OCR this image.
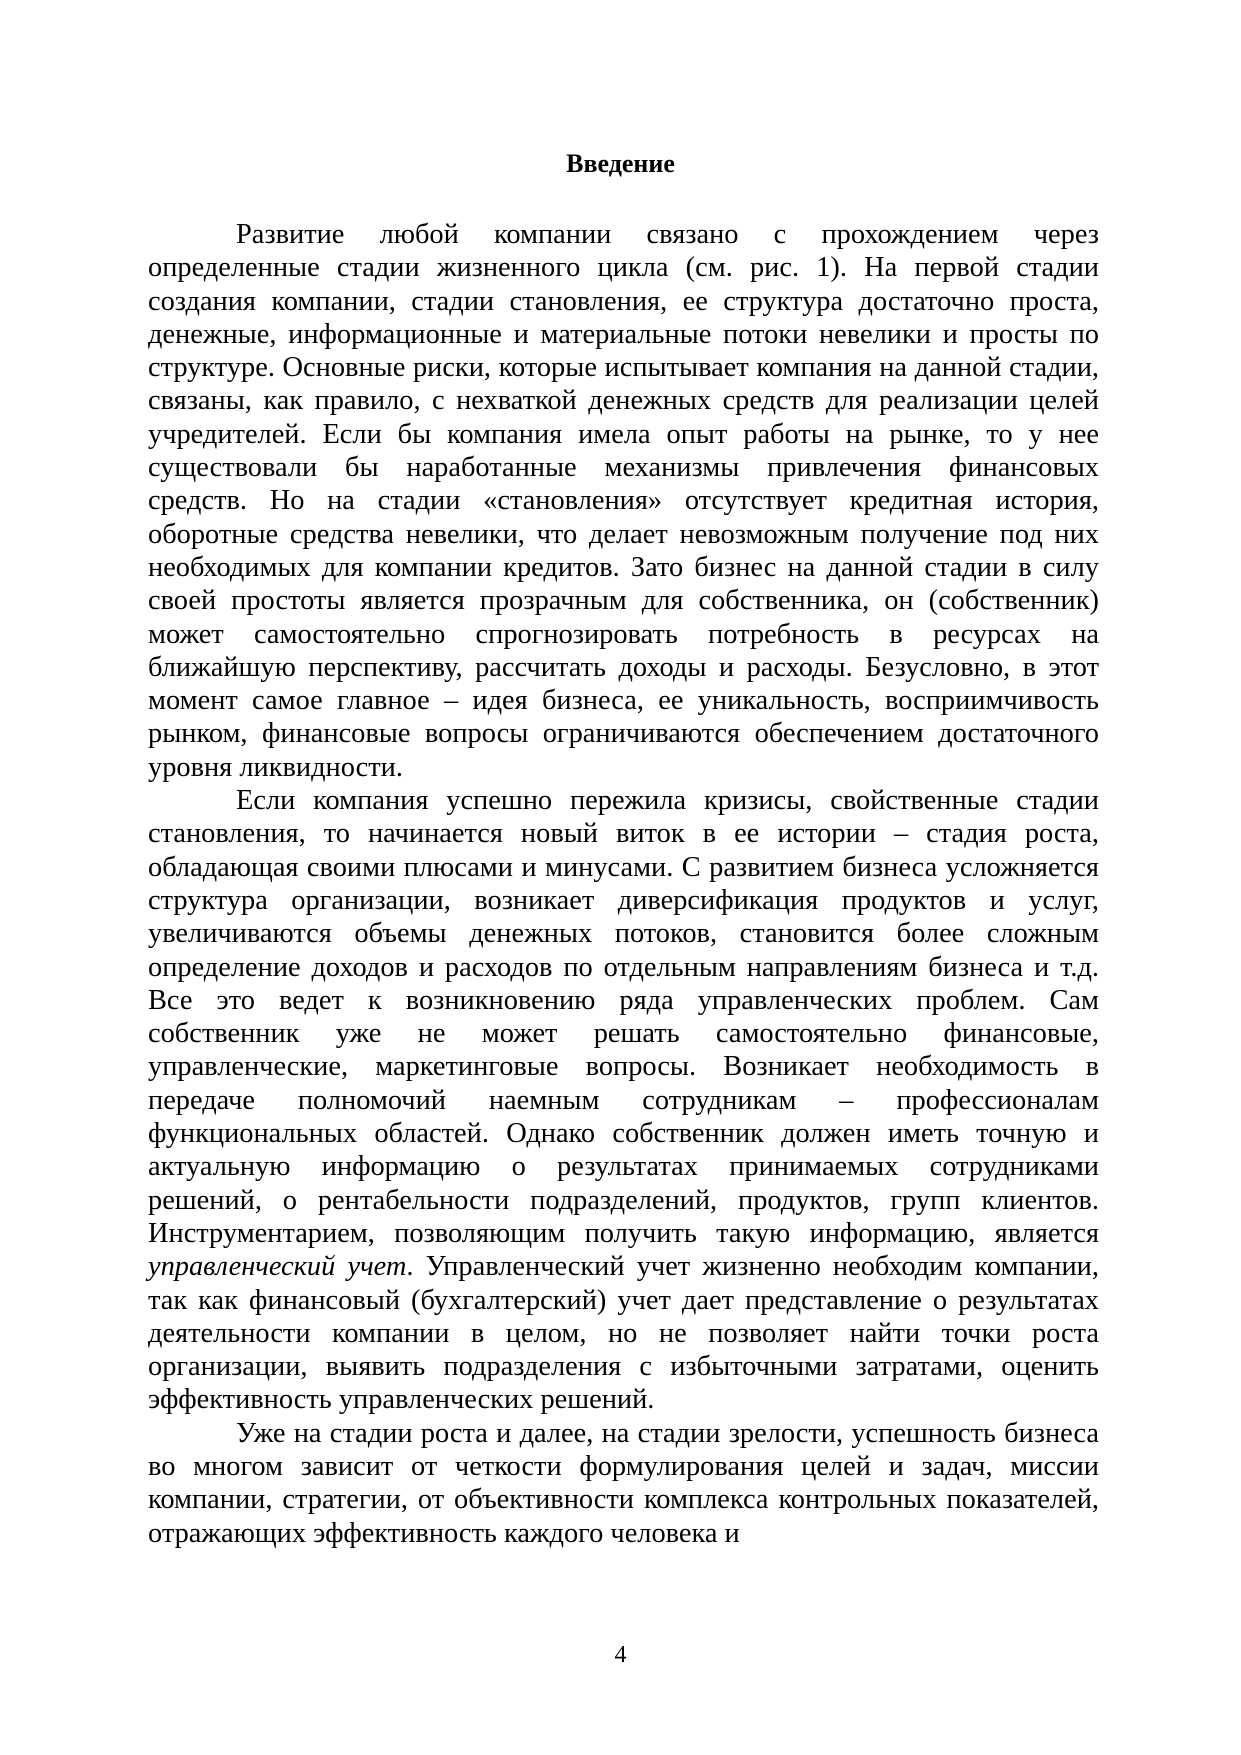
Введение

Развитие любой компании связано с прохождением через определенные стадии жизненного цикла (см. рис. 1). На первой стадии создания компании, стадии становления, ее структура достаточно проста, денежные, информационные и материальные потоки невелики и просты по структуре. Основные риски, которые испытывает компания на данной стадии, связаны, как правило, с нехваткой денежных средств для реализации целей учредителей. Если бы компания имела опыт работы на рынке, то у нее существовали бы наработанные механизмы привлечения финансовых средств. Но на стадии «становления» отсутствует кредитная история, оборотные средства невелики, что делает невозможным получение под них необходимых для компании кредитов. Зато бизнес на данной стадии в силу своей простоты является прозрачным для собственника, он (собственник) может самостоятельно спрогнозировать потребность в ресурсах на ближайшую перспективу, рассчитать доходы и расходы. Безусловно, в этот момент самое главное – идея бизнеса, ее уникальность, восприимчивость рынком, финансовые вопросы ограничиваются обеспечением достаточного уровня ликвидности.

Если компания успешно пережила кризисы, свойственные стадии становления, то начинается новый виток в ее истории – стадия роста, обладающая своими плюсами и минусами. С развитием бизнеса усложняется структура организации, возникает диверсификация продуктов и услуг, увеличиваются объемы денежных потоков, становится более сложным определение доходов и расходов по отдельным направлениям бизнеса и т.д. Все это ведет к возникновению ряда управленческих проблем. Сам собственник уже не может решать самостоятельно финансовые, управленческие, маркетинговые вопросы. Возникает необходимость в передаче полномочий наемным сотрудникам – профессионалам функциональных областей. Однако собственник должен иметь точную и актуальную информацию о результатах принимаемых сотрудниками решений, о рентабельности подразделений, продуктов, групп клиентов. Инструментарием, позволяющим получить такую информацию, является управленческий учет. Управленческий учет жизненно необходим компании, так как финансовый (бухгалтерский) учет дает представление о результатах деятельности компании в целом, но не позволяет найти точки роста организации, выявить подразделения с избыточными затратами, оценить эффективность управленческих решений.

Уже на стадии роста и далее, на стадии зрелости, успешность бизнеса во многом зависит от четкости формулирования целей и задач, миссии компании, стратегии, от объективности комплекса контрольных показателей, отражающих эффективность каждого человека и

4
